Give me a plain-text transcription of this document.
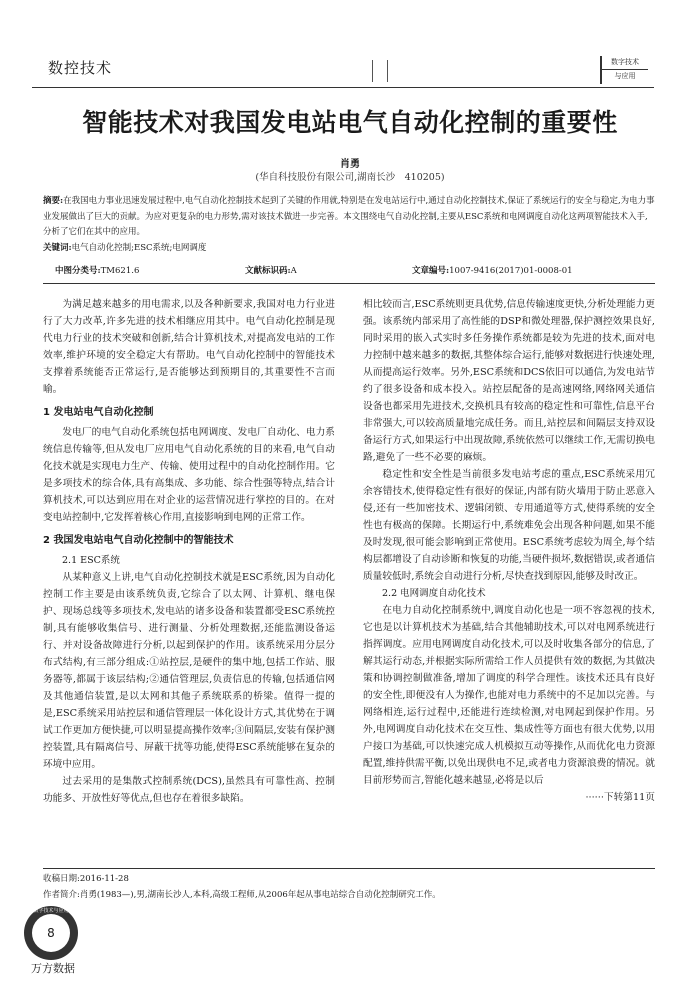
数控技术	数字技术
与应用
智能技术对我国发电站电气自动化控制的重要性
肖勇
(华自科技股份有限公司,湖南长沙　410205)
摘要:在我国电力事业迅速发展过程中,电气自动化控制技术起到了关键的作用就,特别是在发电站运行中,通过自动化控制技术,保证了系统运行的安全与稳定,为电力事业发展做出了巨大的贡献。为应对更复杂的电力形势,需对该技术做进一步完善。本文围绕电气自动化控制,主要从ESC系统和电网调度自动化这两项智能技术入手,分析了它们在其中的应用。
关键词:电气自动化控制;ESC系统;电网调度
中图分类号:TM621.6	文献标识码:A	文章编号:1007-9416(2017)01-0008-01

为满足越来越多的用电需求,以及各种新要求,我国对电力行业进行了大力改革,许多先进的技术相继应用其中。电气自动化控制是现代电力行业的技术突破和创新,结合计算机技术,对提高发电站的工作效率,维护环境的安全稳定大有帮助。电气自动化控制中的智能技术支撑着系统能否正常运行,是否能够达到预期目的,其重要性不言而喻。

1 发电站电气自动化控制

发电厂的电气自动化系统包括电网调度、发电厂自动化、电力系统信息传输等,但从发电厂应用电气自动化系统的目的来看,电气自动化技术就是实现电力生产、传输、使用过程中的自动化控制作用。它是多项技术的综合体,具有高集成、多功能、综合性强等特点,结合计算机技术,可以达到应用在对企业的运营情况进行掌控的目的。在对变电站控制中,它发挥着核心作用,直接影响到电网的正常工作。

2 我国发电站电气自动化控制中的智能技术
2.1 ESC系统

从某种意义上讲,电气自动化控制技术就是ESC系统,因为自动化控制工作主要是由该系统负责,它综合了以太网、计算机、继电保护、现场总线等多项技术,发电站的诸多设备和装置都受ESC系统控制,具有能够收集信号、进行测量、分析处理数据,还能监测设备运行、并对设备故障进行分析,以起到保护的作用。该系统采用分层分布式结构,有三部分组成:①站控层,是硬件的集中地,包括工作站、服务器等,都属于该层结构;②通信管理层,负责信息的传输,包括通信网及其他通信装置,是以太网和其他子系统联系的桥梁。值得一提的是,ESC系统采用站控层和通信管理层一体化设计方式,其优势在于调试工作更加方便快捷,可以明显提高操作效率;③间隔层,安装有保护测控装置,具有隔离信号、屏蔽干扰等功能,使得ESC系统能够在复杂的环境中应用。

过去采用的是集散式控制系统(DCS),虽然具有可靠性高、控制功能多、开放性好等优点,但也存在着很多缺陷。

相比较而言,ESC系统则更具优势,信息传输速度更快,分析处理能力更强。该系统内部采用了高性能的DSP和微处理器,保护测控效果良好,同时采用的嵌入式实时多任务操作系统都是较为先进的技术,面对电力控制中越来越多的数据,其整体综合运行,能够对数据进行快速处理,从而提高运行效率。另外,ESC系统和DCS依旧可以通信,为发电站节约了很多设备和成本投入。站控层配备的是高速网络,网络网关通信设备也都采用先进技术,交换机具有较高的稳定性和可靠性,信息平台非常强大,可以较高质量地完成任务。而且,站控层和间隔层支持双设备运行方式,如果运行中出现故障,系统依然可以继续工作,无需切换电路,避免了一些不必要的麻烦。

稳定性和安全性是当前很多发电站考虑的重点,ESC系统采用冗余容错技术,使得稳定性有很好的保证,内部有防火墙用于防止恶意入侵,还有一些加密技术、逻辑闭锁、专用通道等方式,使得系统的安全性也有极高的保障。长期运行中,系统难免会出现各种问题,如果不能及时发现,很可能会影响到正常使用。ESC系统考虑较为周全,每个结构层都增设了自动诊断和恢复的功能,当硬件损坏,数据错误,或者通信质量较低时,系统会自动进行分析,尽快查找到原因,能够及时改正。

2.2 电网调度自动化技术

在电力自动化控制系统中,调度自动化也是一项不容忽视的技术,它也是以计算机技术为基础,结合其他辅助技术,可以对电网系统进行指挥调度。应用电网调度自动化技术,可以及时收集各部分的信息,了解其运行动态,并根据实际所需给工作人员提供有效的数据,为其做决策和协调控制做准备,增加了调度的科学合理性。该技术还具有良好的安全性,即便没有人为操作,也能对电力系统中的不足加以完善。与网络相连,运行过程中,还能进行连续检测,对电网起到保护作用。另外,电网调度自动化技术在交互性、集成性等方面也有很大优势,以用户接口为基础,可以快速完成人机模拟互动等操作,从而优化电力资源配置,维持供需平衡,以免出现供电不足,或者电力资源浪费的情况。就目前形势而言,智能化越来越显,必将是以后

······下转第11页

收稿日期:2016-11-28
作者简介:肖勇(1983—),男,湖南长沙人,本科,高级工程师,从2006年起从事电站综合自动化控制研究工作。
数字技术与应用
8
万方数据
